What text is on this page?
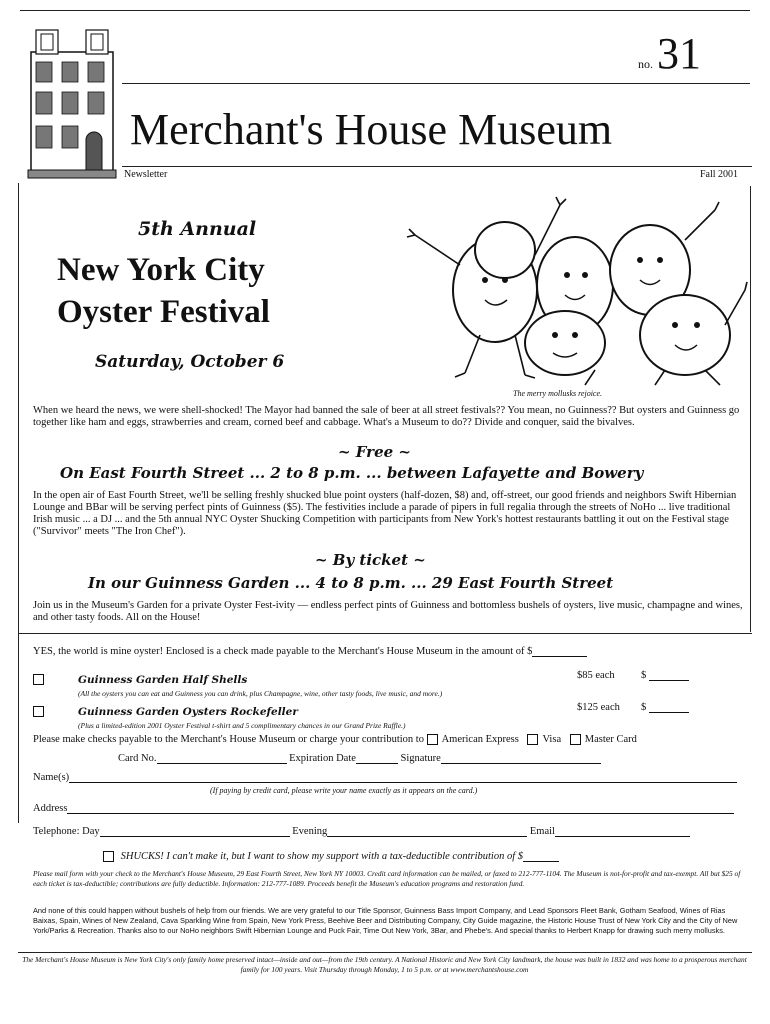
no. 31
Merchant's House Museum
Newsletter	Fall 2001
5th Annual
New York City
Oyster Festival
Saturday, October 6
The merry mollusks rejoice.

When we heard the news, we were shell-shocked! The Mayor had banned the sale of beer at all street festivals?? You mean, no Guinness?? But oysters and Guinness go together like ham and eggs, strawberries and cream, corned beef and cabbage. What's a Museum to do?? Divide and conquer, said the bivalves.

~ Free ~
On East Fourth Street ... 2 to 8 p.m. ... between Lafayette and Bowery

In the open air of East Fourth Street, we'll be selling freshly shucked blue point oysters (half-dozen, $8) and, off-street, our good friends and neighbors Swift Hibernian Lounge and BBar will be serving perfect pints of Guinness ($5). The festivities include a parade of pipers in full regalia through the streets of NoHo ... live traditional Irish music ... a DJ ... and the 5th annual NYC Oyster Shucking Competition with participants from New York's hottest restaurants battling it out on the Festival stage ("Survivor" meets "The Iron Chef").

~ By ticket ~
In our Guinness Garden ... 4 to 8 p.m. ... 29 East Fourth Street

Join us in the Museum's Garden for a private Oyster Fest-ivity — endless perfect pints of Guinness and bottomless bushels of oysters, live music, champagne and wines, and other tasty foods. All on the House!

YES, the world is mine oyster! Enclosed is a check made payable to the Merchant's House Museum in the amount of $
Guinness Garden Half Shells	$85 each	$
(All the oysters you can eat and Guinness you can drink, plus Champagne, wine, other tasty foods, live music, and more.)
Guinness Garden Oysters Rockefeller	$125 each $
(Plus a limited-edition 2001 Oyster Festival t-shirt and 5 complimentary chances in our Grand Prize Raffle.)
Please make checks payable to the Merchant's House Museum or charge your contribution to American Express Visa Master Card
Card No.	Expiration Date	Signature
Name(s)
(If paying by credit card, please write your name exactly as it appears on the card.)
Address
Telephone: Day	Evening	Email
SHUCKS! I can't make it, but I want to show my support with a tax-deductible contribution of $

Please mail form with your check to the Merchant's House Museum, 29 East Fourth Street, New York NY 10003. Credit card information can be mailed, or faxed to 212-777-1104. The Museum is not-for-profit and tax-exempt. All but $25 of each ticket is tax-deductible; contributions are fully deductible. Information: 212-777-1089. Proceeds benefit the Museum's education programs and restoration fund.

And none of this could happen without bushels of help from our friends. We are very grateful to our Title Sponsor, Guinness Bass Import Company, and Lead Sponsors Fleet Bank, Gotham Seafood, Wines of Rias Baixas, Spain, Wines of New Zealand, Cava Sparkling Wine from Spain, New York Press, Beehive Beer and Distributing Company, City Guide magazine, the Historic House Trust of New York City and the City of New York/Parks & Recreation. Thanks also to our NoHo neighbors Swift Hibernian Lounge and Puck Fair, Time Out New York, 3Bar, and Phebe's. And special thanks to Herbert Knapp for drawing such merry mollusks.

The Merchant's House Museum is New York City's only family home preserved intact—inside and out—from the 19th century. A National Historic and New York City landmark, the house was built in 1832 and was home to a prosperous merchant family for 100 years. Visit Thursday through Monday, 1 to 5 p.m. or at www.merchantshouse.com
